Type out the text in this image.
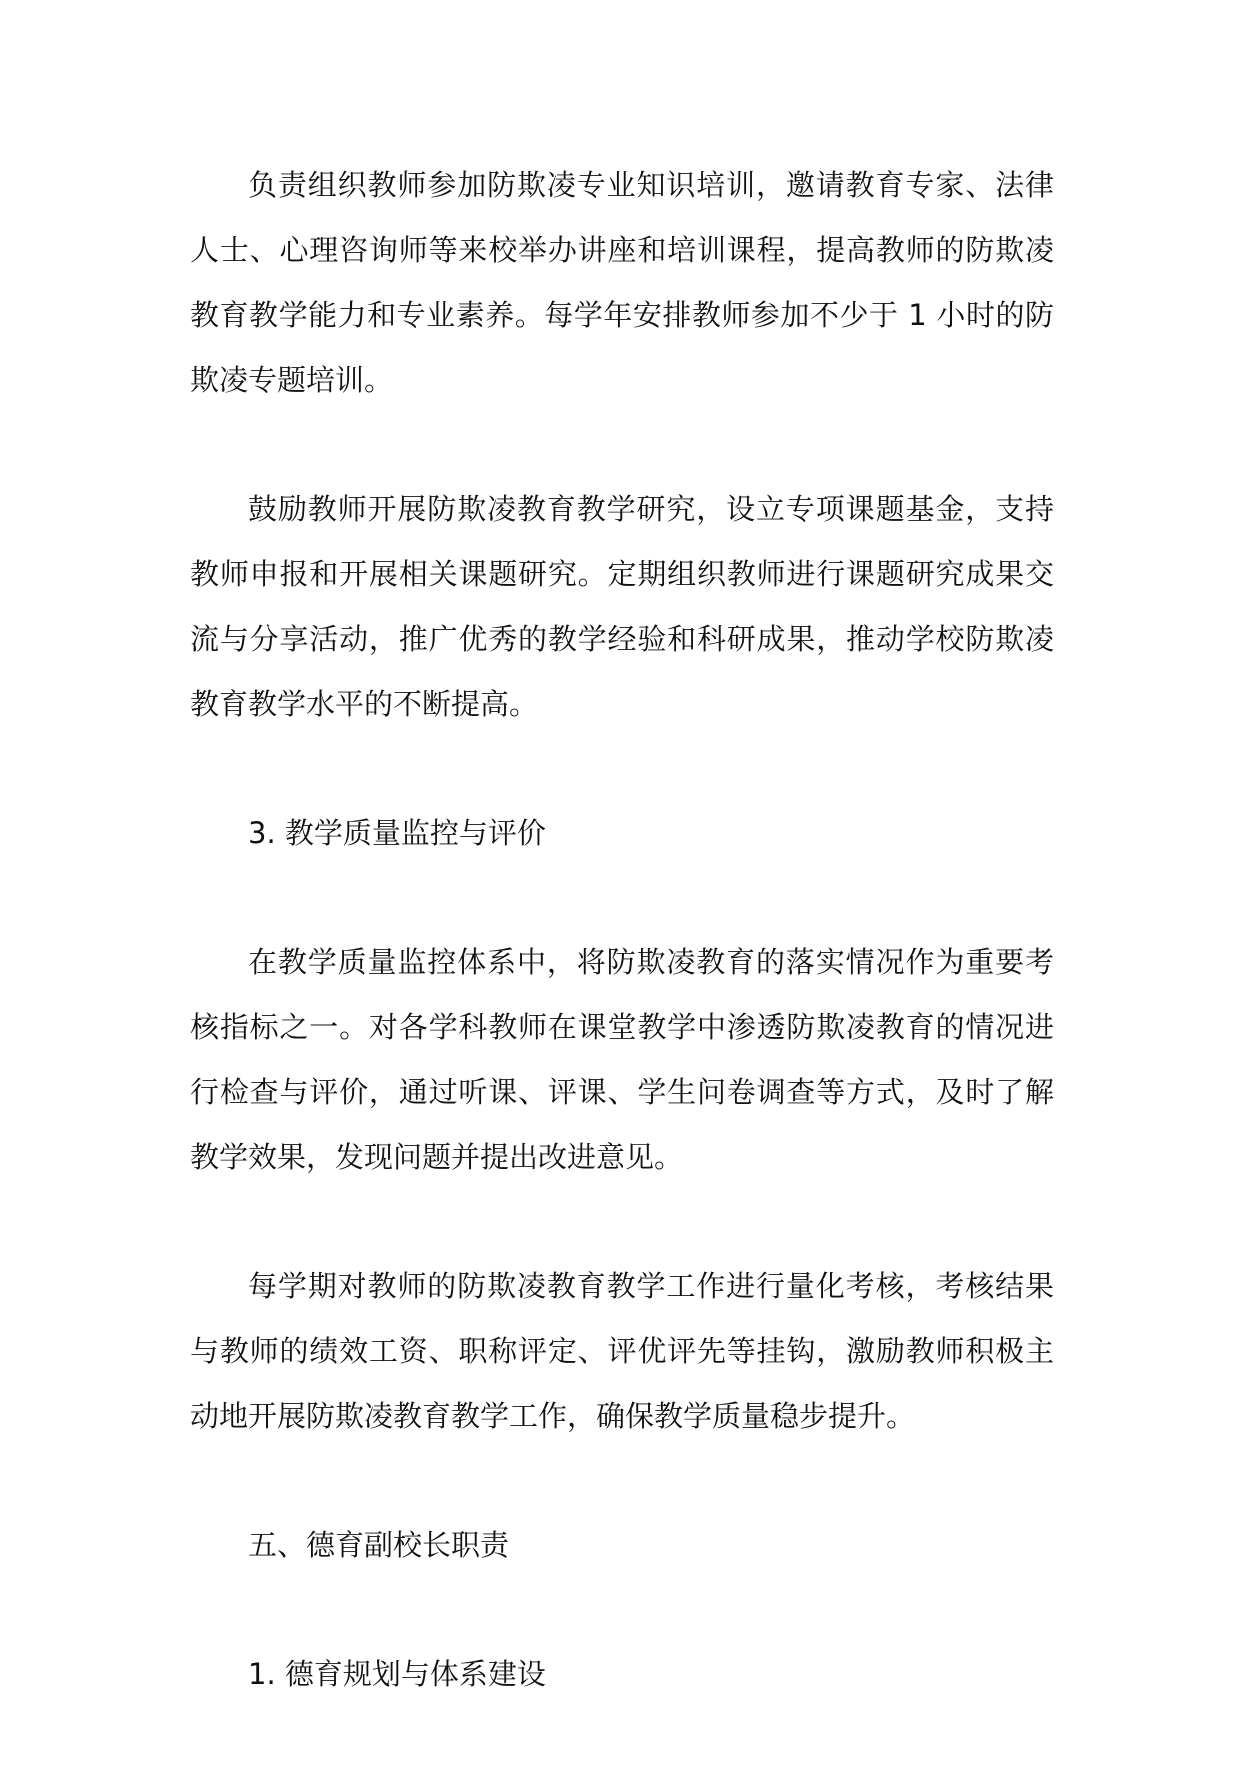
负责组织教师参加防欺凌专业知识培训，邀请教育专家、法律人士、心理咨询师等来校举办讲座和培训课程，提高教师的防欺凌教育教学能力和专业素养。每学年安排教师参加不少于 1 小时的防欺凌专题培训。

鼓励教师开展防欺凌教育教学研究，设立专项课题基金，支持教师申报和开展相关课题研究。定期组织教师进行课题研究成果交流与分享活动，推广优秀的教学经验和科研成果，推动学校防欺凌教育教学水平的不断提高。

3. 教学质量监控与评价

在教学质量监控体系中，将防欺凌教育的落实情况作为重要考核指标之一。对各学科教师在课堂教学中渗透防欺凌教育的情况进行检查与评价，通过听课、评课、学生问卷调查等方式，及时了解教学效果，发现问题并提出改进意见。

每学期对教师的防欺凌教育教学工作进行量化考核，考核结果与教师的绩效工资、职称评定、评优评先等挂钩，激励教师积极主动地开展防欺凌教育教学工作，确保教学质量稳步提升。

五、德育副校长职责

1. 德育规划与体系建设
